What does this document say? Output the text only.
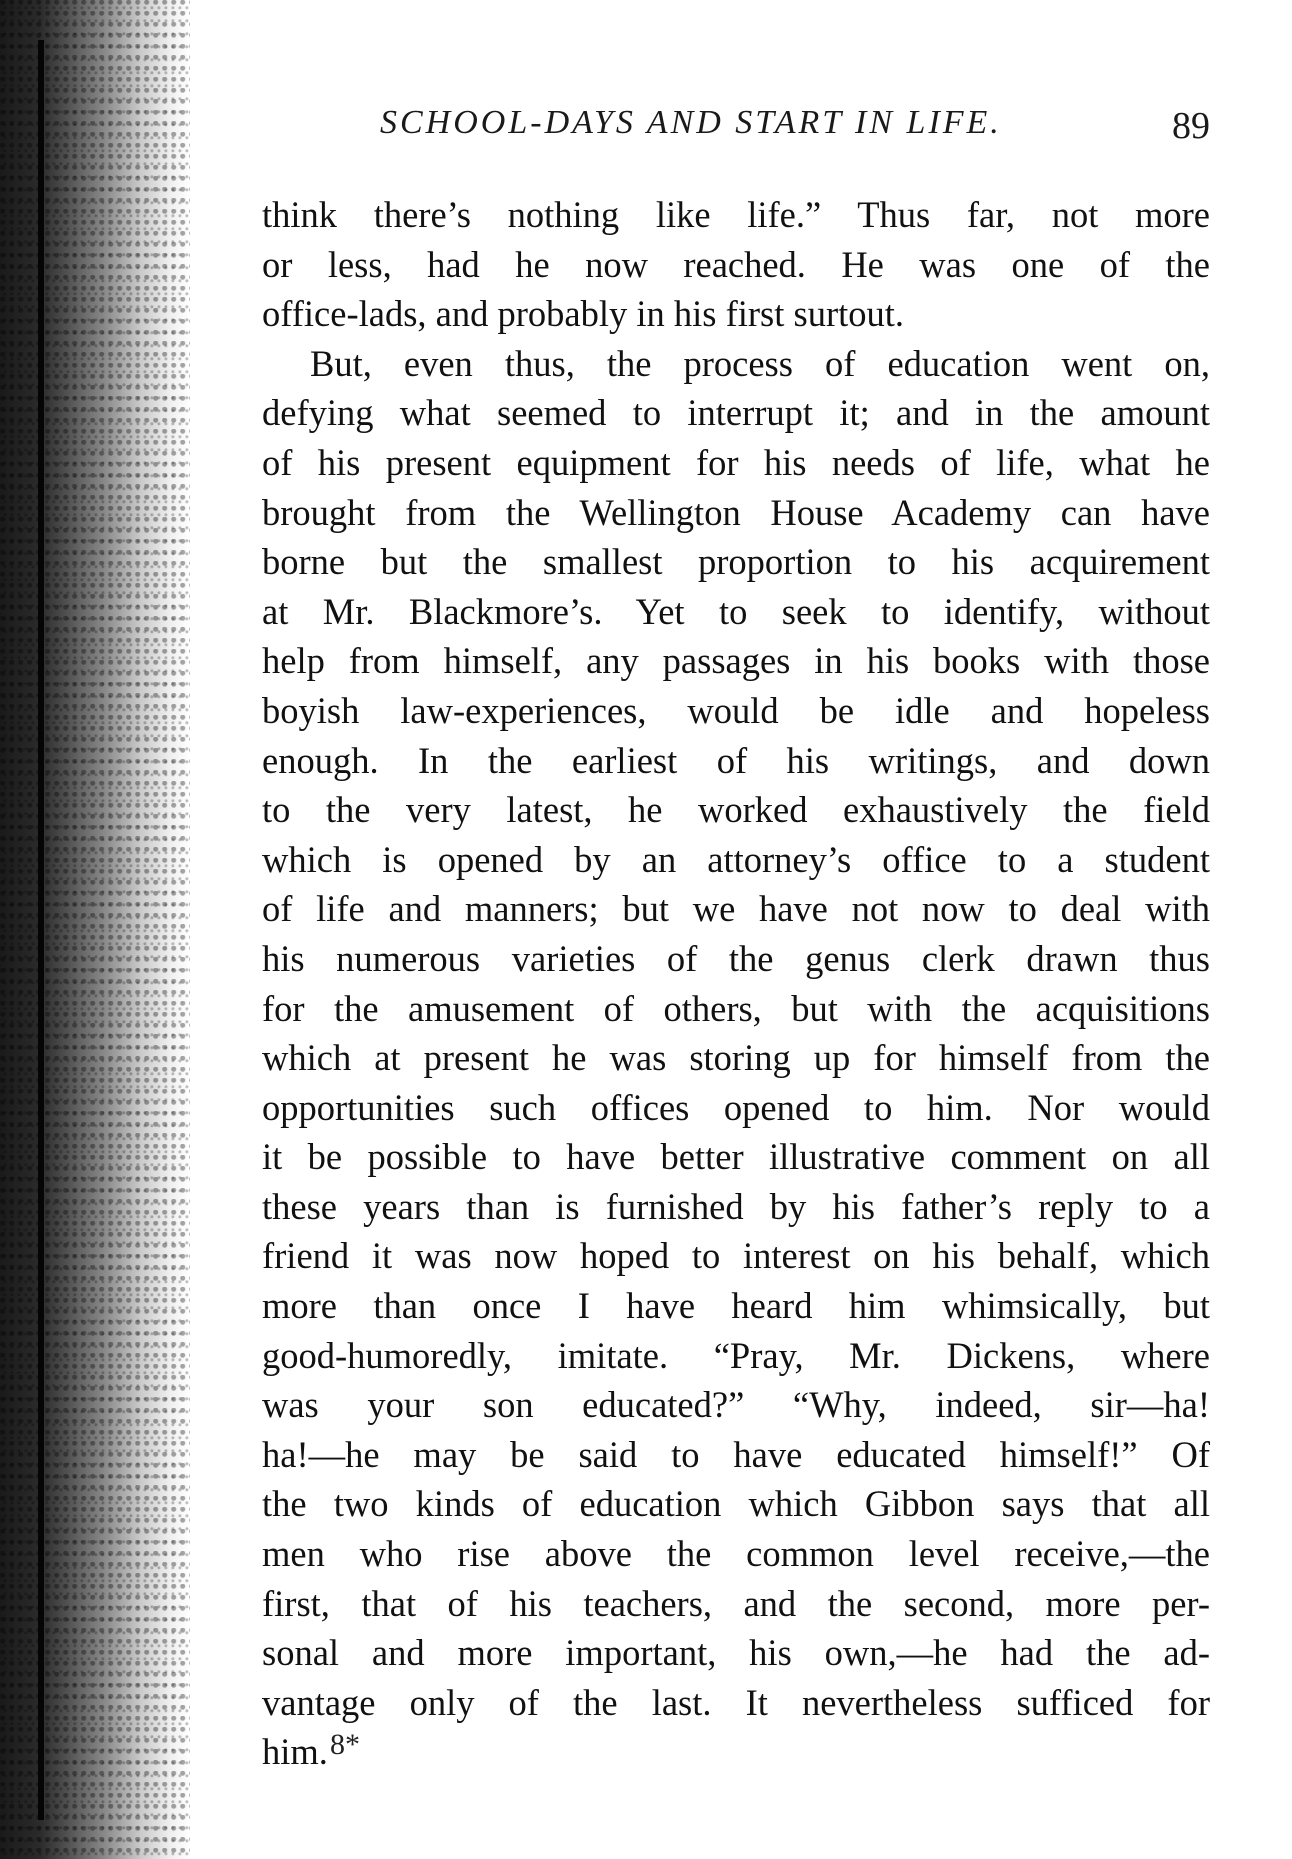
SCHOOL-DAYS AND START IN LIFE.	89
think there’s nothing like life.” Thus far, not more
or less, had he now reached. He was one of the
office-lads, and probably in his first surtout.
But, even thus, the process of education went on,
defying what seemed to interrupt it; and in the amount
of his present equipment for his needs of life, what he
brought from the Wellington House Academy can have
borne but the smallest proportion to his acquirement
at Mr. Blackmore’s. Yet to seek to identify, without
help from himself, any passages in his books with those
boyish law-experiences, would be idle and hopeless
enough. In the earliest of his writings, and down
to the very latest, he worked exhaustively the field
which is opened by an attorney’s office to a student
of life and manners; but we have not now to deal with
his numerous varieties of the genus clerk drawn thus
for the amusement of others, but with the acquisitions
which at present he was storing up for himself from the
opportunities such offices opened to him. Nor would
it be possible to have better illustrative comment on all
these years than is furnished by his father’s reply to a
friend it was now hoped to interest on his behalf, which
more than once I have heard him whimsically, but
good-humoredly, imitate. “Pray, Mr. Dickens, where
was your son educated?” “Why, indeed, sir—ha!
ha!—he may be said to have educated himself!” Of
the two kinds of education which Gibbon says that all
men who rise above the common level receive,—the
first, that of his teachers, and the second, more per-
sonal and more important, his own,—he had the ad-
vantage only of the last. It nevertheless sufficed for
him. 8*
